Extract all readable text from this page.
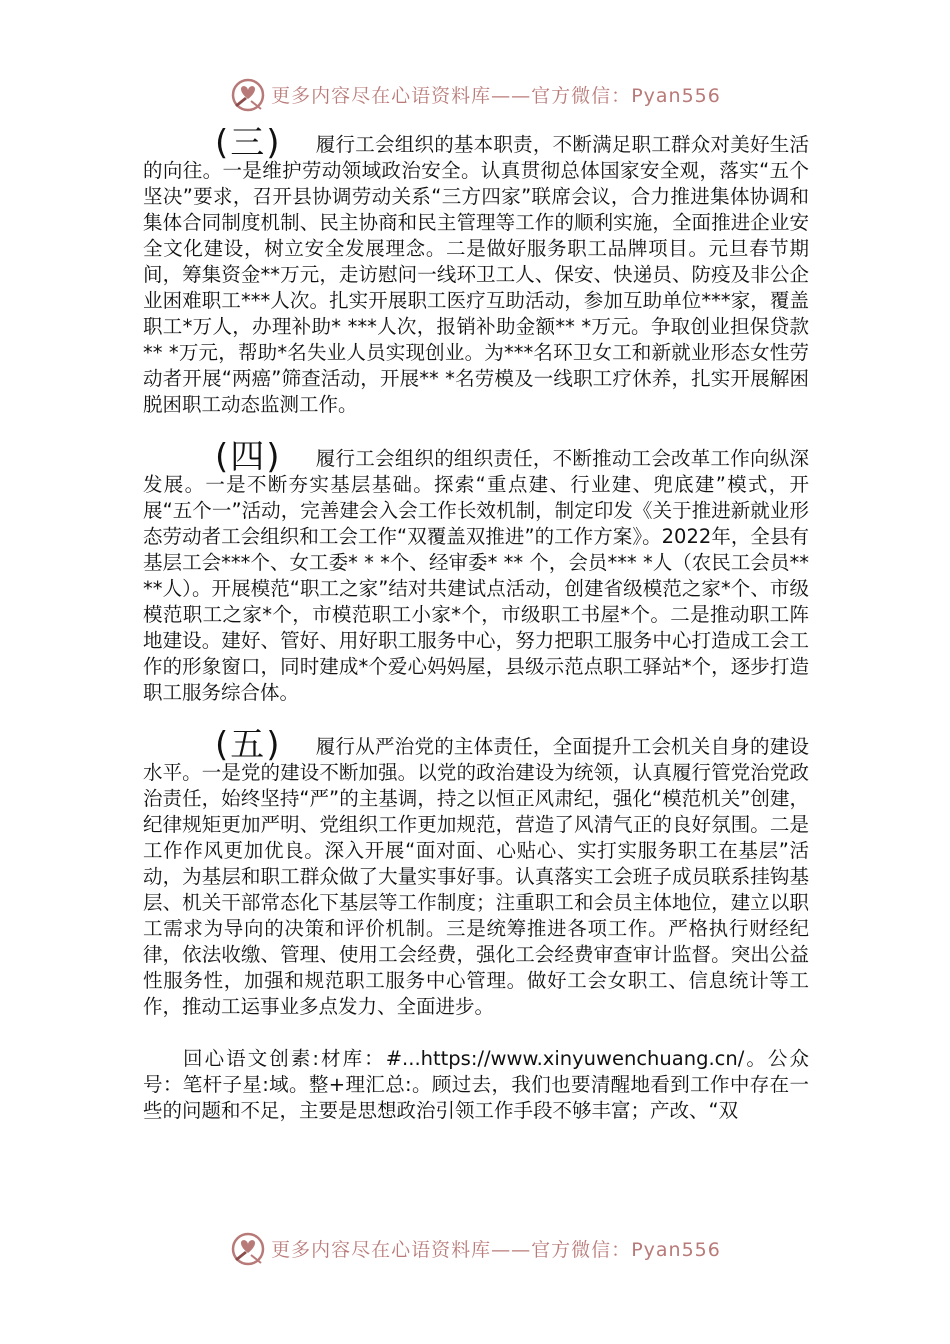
更多内容尽在心语资料库——官方微信：Pyan556

(三) 履行工会组织的基本职责，不断满足职工群众对美好生活的向往。一是维护劳动领域政治安全。认真贯彻总体国家安全观，落实“五个坚决”要求，召开县协调劳动关系“三方四家”联席会议，合力推进集体协调和集体合同制度机制、民主协商和民主管理等工作的顺利实施，全面推进企业安全文化建设，树立安全发展理念。二是做好服务职工品牌项目。元旦春节期间，筹集资金**万元，走访慰问一线环卫工人、保安、快递员、防疫及非公企业困难职工***人次。扎实开展职工医疗互助活动，参加互助单位***家，覆盖职工*万人，办理补助* ***人次，报销补助金额** *万元。争取创业担保贷款** *万元，帮助*名失业人员实现创业。为***名环卫女工和新就业形态女性劳动者开展“两癌”筛查活动，开展** *名劳模及一线职工疗休养，扎实开展解困脱困职工动态监测工作。

(四) 履行工会组织的组织责任，不断推动工会改革工作向纵深发展。一是不断夯实基层基础。探索“重点建、行业建、兜底建”模式，开展“五个一”活动，完善建会入会工作长效机制，制定印发《关于推进新就业形态劳动者工会组织和工会工作“双覆盖双推进”的工作方案》。2022年，全县有基层工会***个、女工委* * *个、经审委* ** 个，会员*** *人（农民工会员** **人）。开展模范“职工之家”结对共建试点活动，创建省级模范之家*个、市级模范职工之家*个，市模范职工小家*个，市级职工书屋*个。二是推动职工阵地建设。建好、管好、用好职工服务中心，努力把职工服务中心打造成工会工作的形象窗口，同时建成*个爱心妈妈屋，县级示范点职工驿站*个，逐步打造职工服务综合体。

(五) 履行从严治党的主体责任，全面提升工会机关自身的建设水平。一是党的建设不断加强。以党的政治建设为统领，认真履行管党治党政治责任，始终坚持“严”的主基调，持之以恒正风肃纪，强化“模范机关”创建，纪律规矩更加严明、党组织工作更加规范，营造了风清气正的良好氛围。二是工作作风更加优良。深入开展“面对面、心贴心、实打实服务职工在基层”活动，为基层和职工群众做了大量实事好事。认真落实工会班子成员联系挂钩基层、机关干部常态化下基层等工作制度；注重职工和会员主体地位，建立以职工需求为导向的决策和评价机制。三是统筹推进各项工作。严格执行财经纪律，依法收缴、管理、使用工会经费，强化工会经费审查审计监督。突出公益性服务性，加强和规范职工服务中心管理。做好工会女职工、信息统计等工作，推动工运事业多点发力、全面进步。

回心语文创素:材库：#...https://www.xinyuwenchuang.cn/。公众号：笔杆子星:域。整+理汇总:。顾过去，我们也要清醒地看到工作中存在一些的问题和不足，主要是思想政治引领工作手段不够丰富；产改、“双

更多内容尽在心语资料库——官方微信：Pyan556
